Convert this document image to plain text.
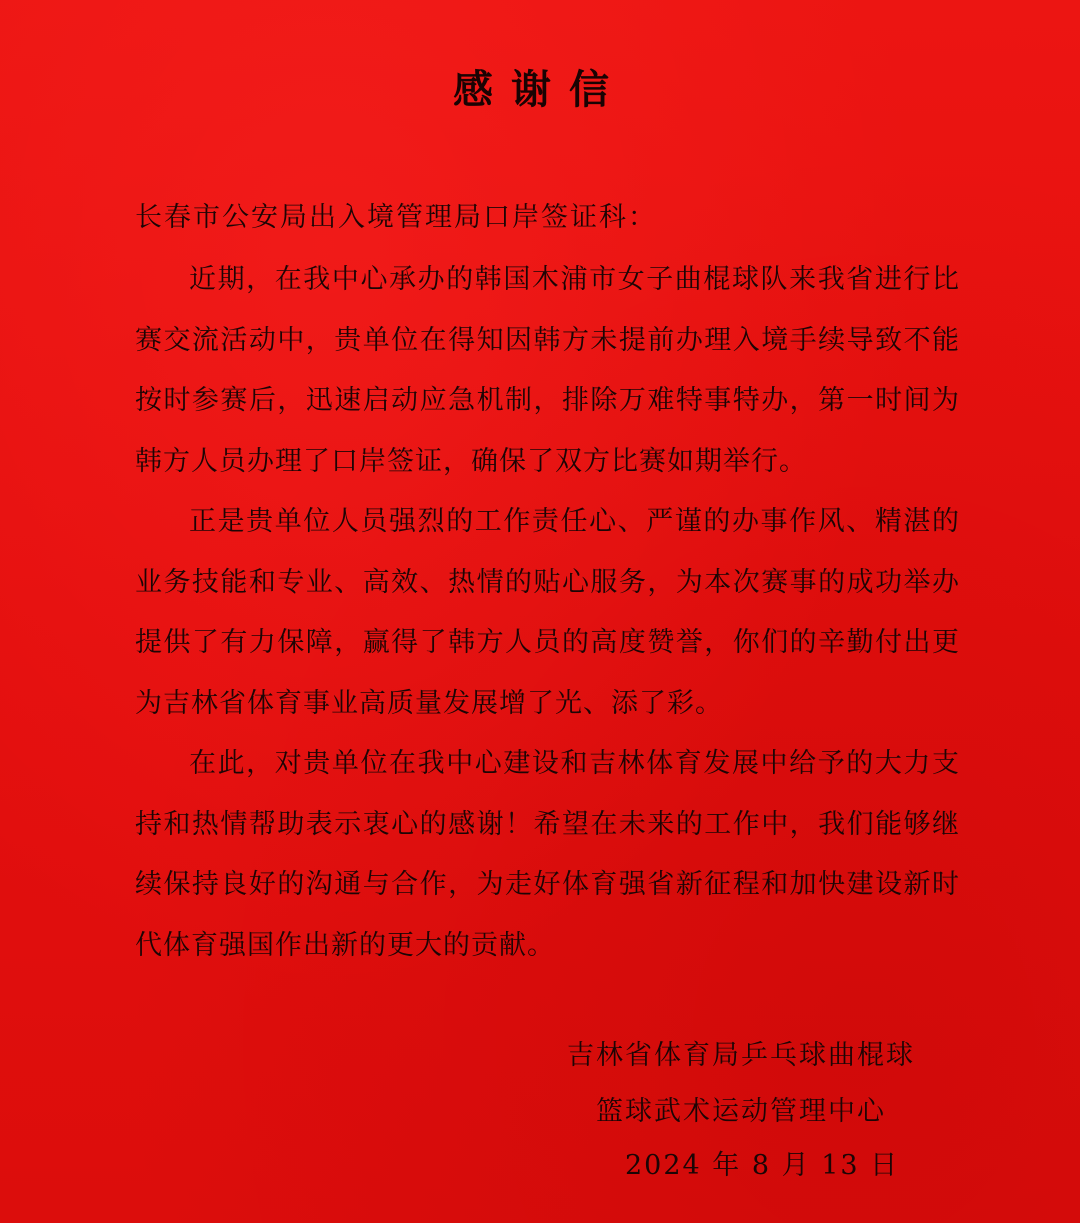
感谢信
长春市公安局出入境管理局口岸签证科：

近期，在我中心承办的韩国木浦市女子曲棍球队来我省进行比赛交流活动中，贵单位在得知因韩方未提前办理入境手续导致不能按时参赛后，迅速启动应急机制，排除万难特事特办，第一时间为韩方人员办理了口岸签证，确保了双方比赛如期举行。

正是贵单位人员强烈的工作责任心、严谨的办事作风、精湛的业务技能和专业、高效、热情的贴心服务，为本次赛事的成功举办提供了有力保障，赢得了韩方人员的高度赞誉，你们的辛勤付出更为吉林省体育事业高质量发展增了光、添了彩。

在此，对贵单位在我中心建设和吉林体育发展中给予的大力支持和热情帮助表示衷心的感谢！希望在未来的工作中，我们能够继续保持良好的沟通与合作，为走好体育强省新征程和加快建设新时代体育强国作出新的更大的贡献。

吉林省体育局乒乓球曲棍球
篮球武术运动管理中心
2024 年 8 月 13 日
